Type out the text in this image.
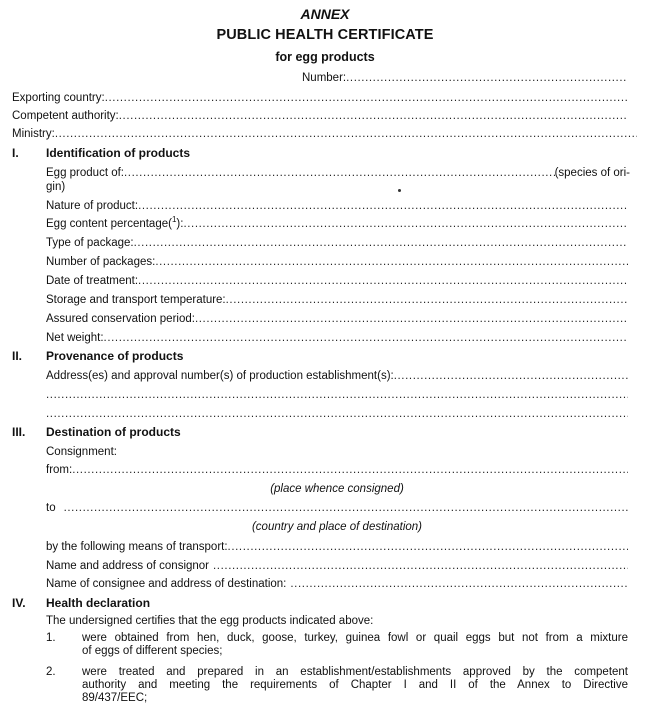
ANNEX
PUBLIC HEALTH CERTIFICATE
for egg products
Number:
.....
Exporting country:
.....
Competent authority:
.....
Ministry:
.....
I. Identification of products
Egg product of:
.....	(species of ori-
gin)
Nature of product:
.....
Egg content percentage($^1$):
.....
Type of package:
.....
Number of packages:
.....
Date of treatment:
.....
Storage and transport temperature:
.....
Assured conservation period:
.....
Net weight:
.....
II. Provenance of products
Address(es) and approval number(s) of production establishment(s):
.....
.....
.....
III. Destination of products
Consignment:
from:
.....
(place whence consigned)
to
.....
(country and place of destination)
by the following means of transport:
.....
Name and address of consignor
.....
Name of consignee and address of destination:
.....
IV. Health declaration
The undersigned certifies that the egg products indicated above:
1. were obtained from hen, duck, goose, turkey, guinea fowl or quail eggs but not from a mixture
of eggs of different species;
2. were treated and prepared in an establishment/establishments approved by the competent
authority and meeting the requirements of Chapter I and II of the Annex to Directive
89/437/EEC;
